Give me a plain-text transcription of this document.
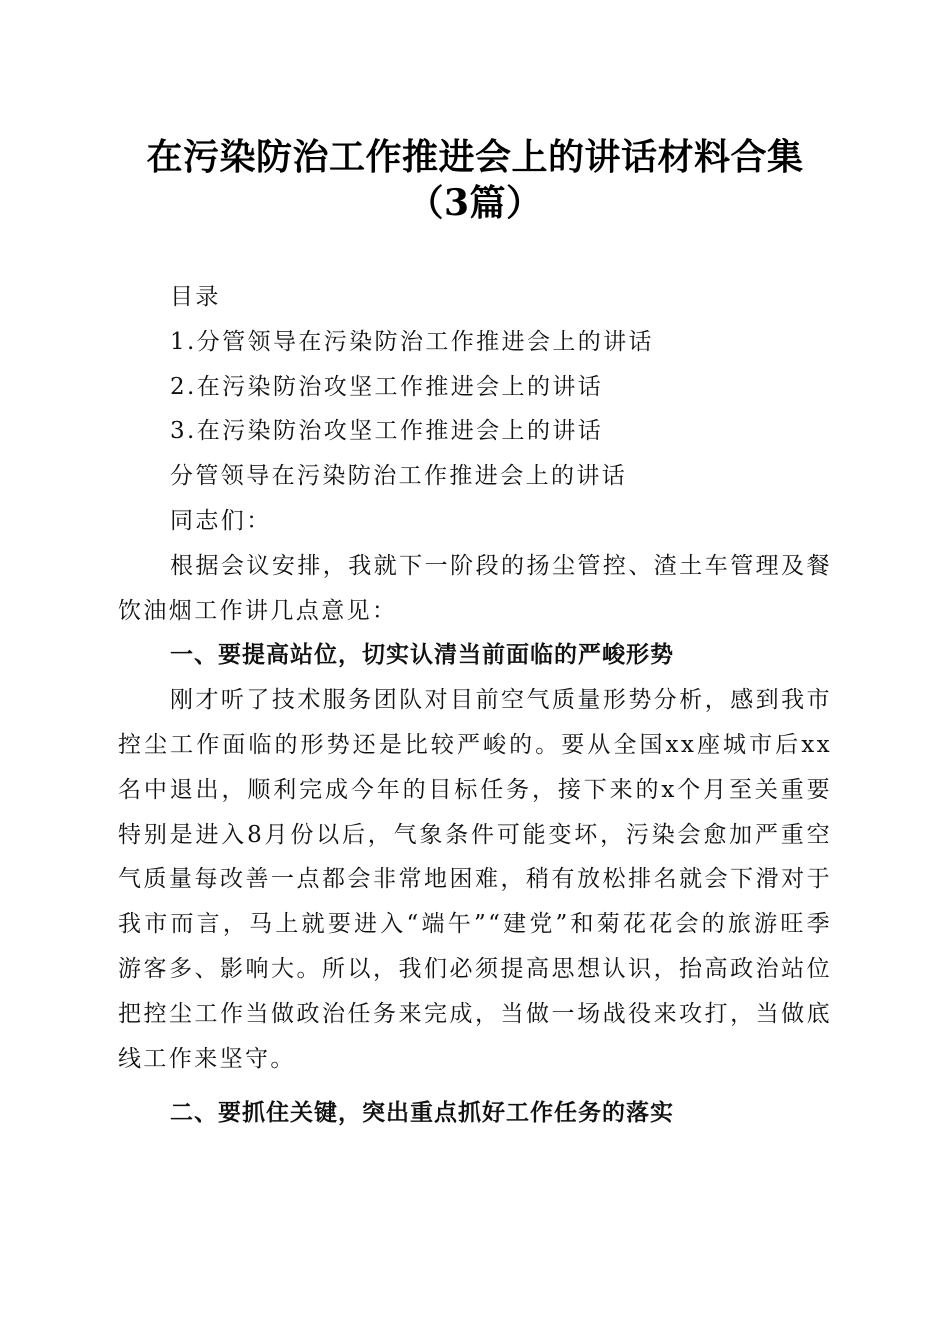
在污染防治工作推进会上的讲话材料合集（3篇）

目录

1.分管领导在污染防治工作推进会上的讲话

2.在污染防治攻坚工作推进会上的讲话

3.在污染防治攻坚工作推进会上的讲话

分管领导在污染防治工作推进会上的讲话

同志们：

根据会议安排，我就下一阶段的扬尘管控、渣土车管理及餐饮油烟工作讲几点意见：

一、要提高站位，切实认清当前面临的严峻形势

刚才听了技术服务团队对目前空气质量形势分析，感到我市控尘工作面临的形势还是比较严峻的。要从全国xx座城市后xx名中退出，顺利完成今年的目标任务，接下来的x个月至关重要特别是进入8月份以后，气象条件可能变坏，污染会愈加严重空气质量每改善一点都会非常地困难，稍有放松排名就会下滑对于我市而言，马上就要进入“端午”“建党”和菊花花会的旅游旺季游客多、影响大。所以，我们必须提高思想认识，抬高政治站位把控尘工作当做政治任务来完成，当做一场战役来攻打，当做底线工作来坚守。

二、要抓住关键，突出重点抓好工作任务的落实
